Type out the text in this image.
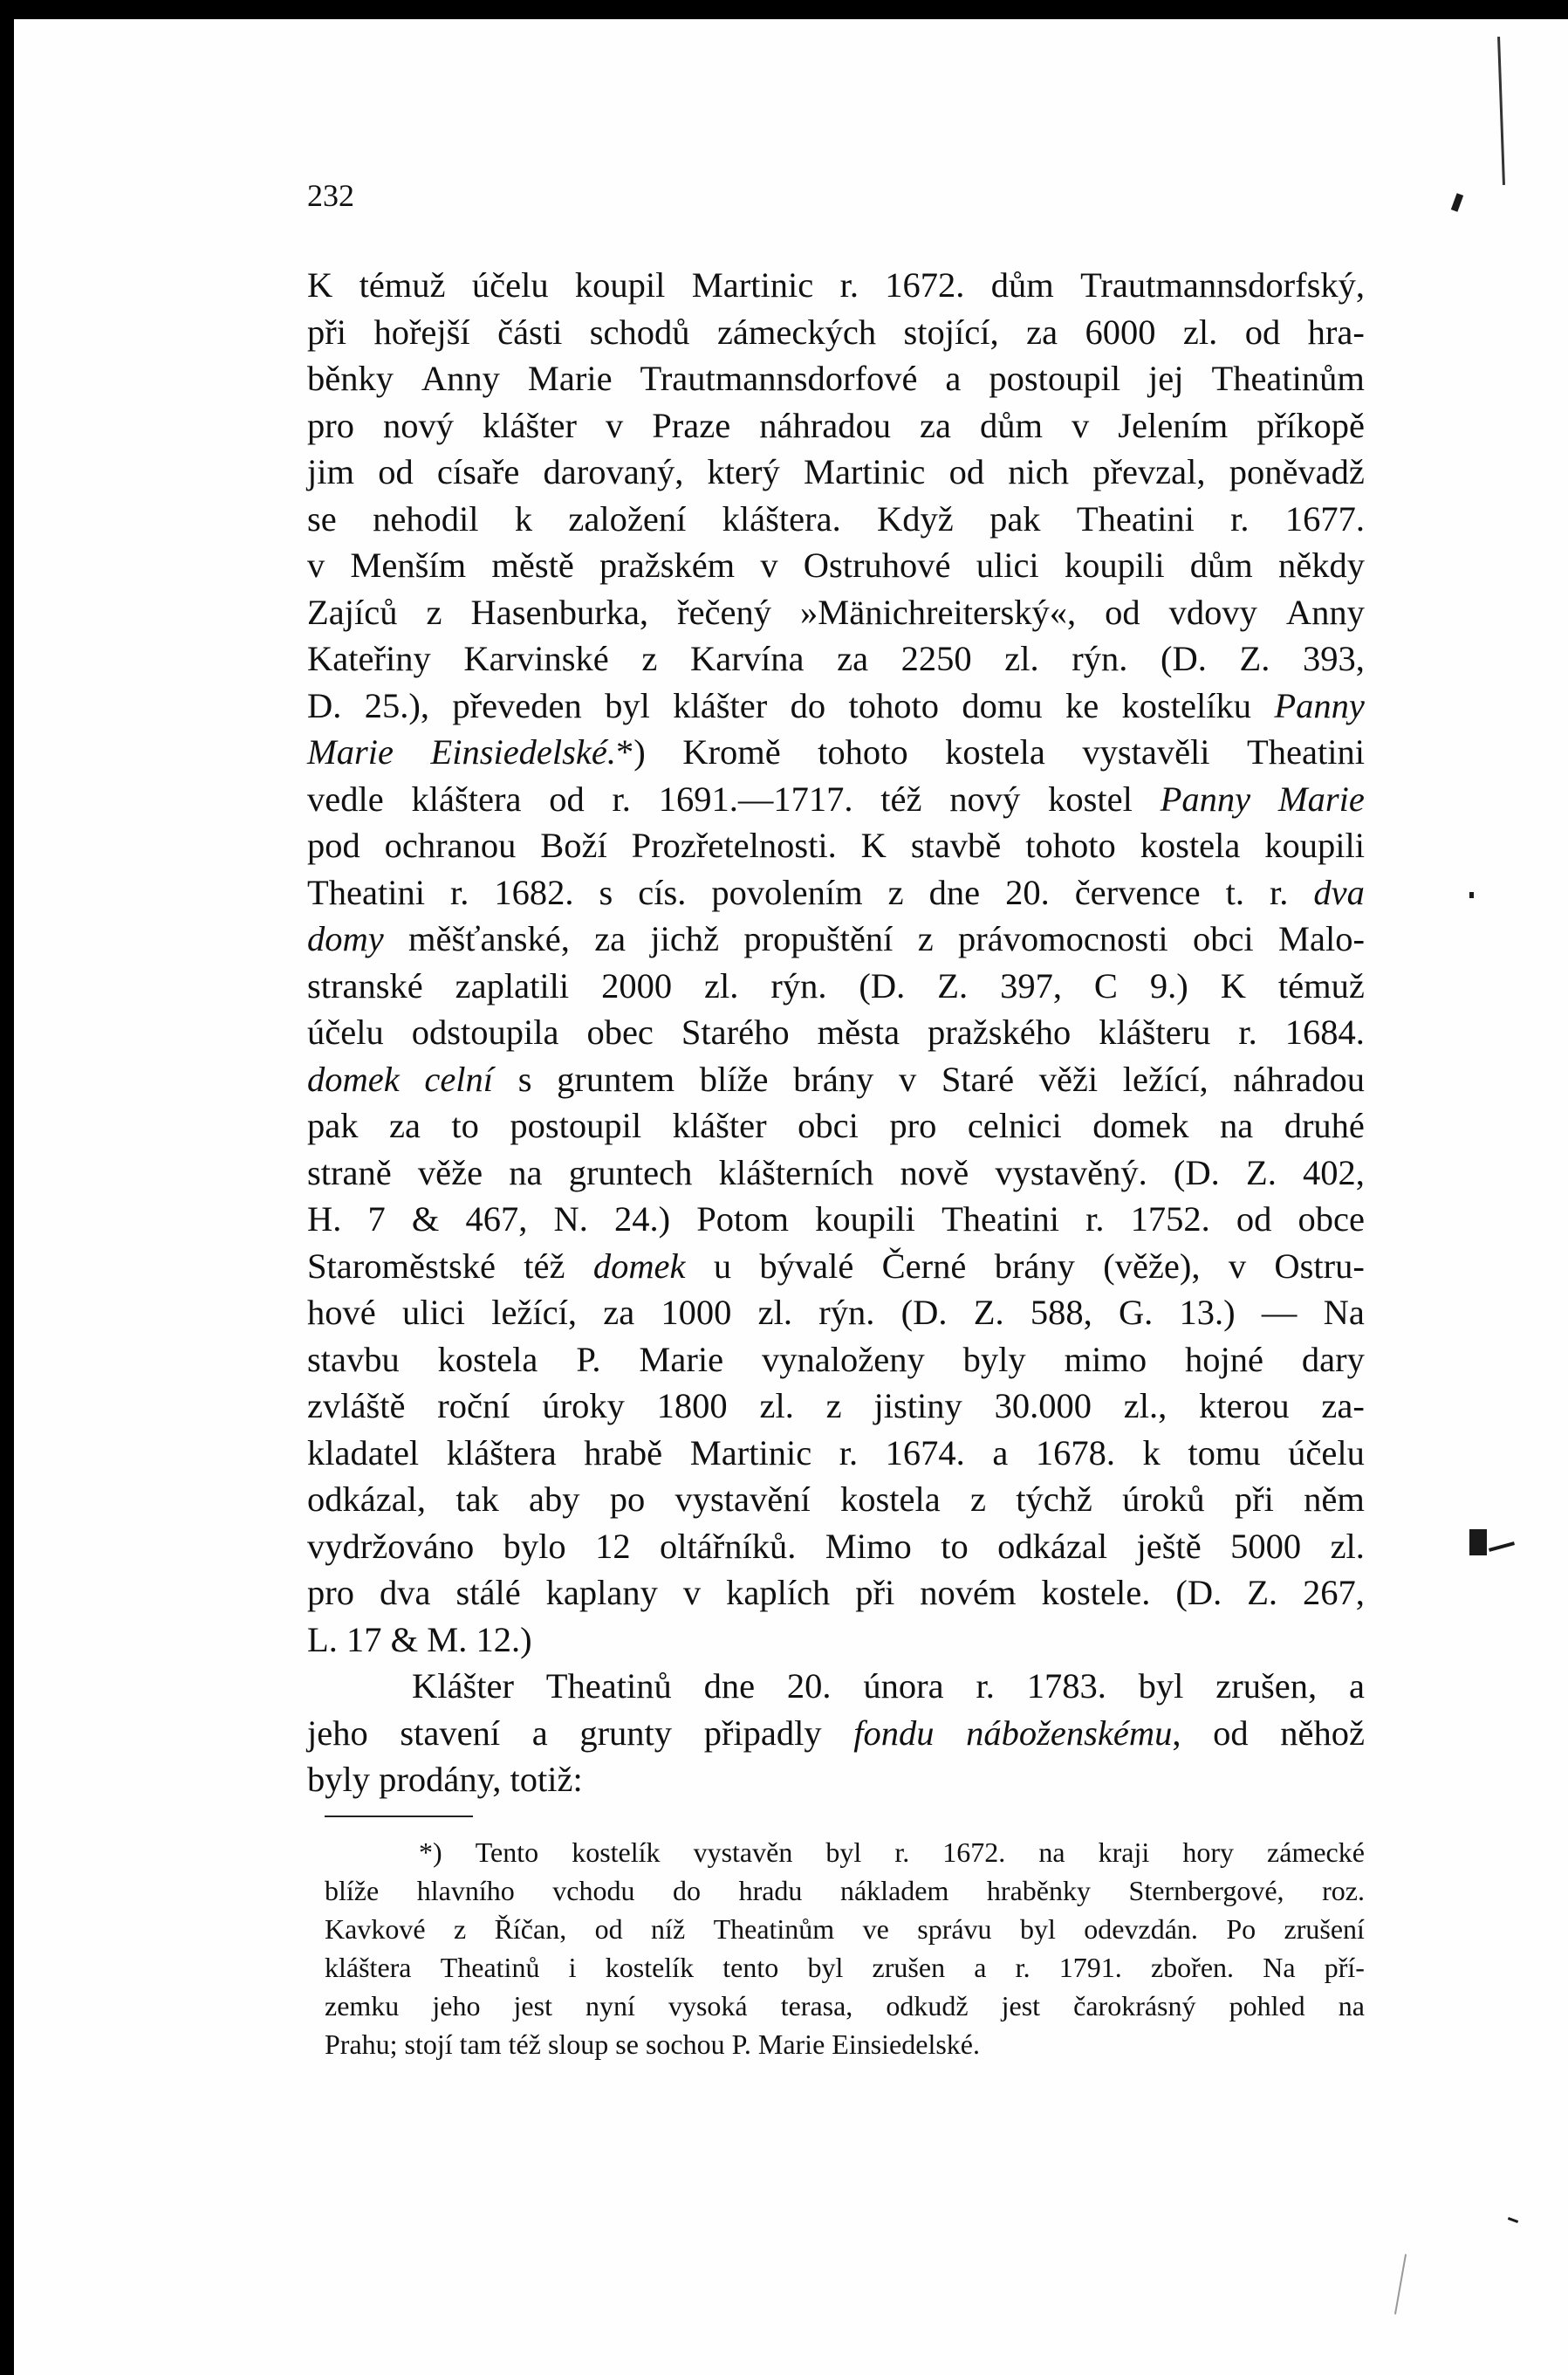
232
K témuž účelu koupil Martinic r. 1672. dům Trautmannsdorfský,
při hořejší části schodů zámeckých stojící, za 6000 zl. od hra-
běnky Anny Marie Trautmannsdorfové a postoupil jej Theatinům
pro nový klášter v Praze náhradou za dům v Jelením příkopě
jim od císaře darovaný, který Martinic od nich převzal, poněvadž
se nehodil k založení kláštera. Když pak Theatini r. 1677.
v Menším městě pražském v Ostruhové ulici koupili dům někdy
Zajíců z Hasenburka, řečený »Mänichreiterský«, od vdovy Anny
Kateřiny Karvinské z Karvína za 2250 zl. rýn. (D. Z. 393,
D. 25.), převeden byl klášter do tohoto domu ke kostelíku Panny
Marie Einsiedelské.*) Kromě tohoto kostela vystavěli Theatini
vedle kláštera od r. 1691.—1717. též nový kostel Panny Marie
pod ochranou Boží Prozřetelnosti. K stavbě tohoto kostela koupili
Theatini r. 1682. s cís. povolením z dne 20. července t. r. dva
domy měšťanské, za jichž propuštění z právomocnosti obci Malo-
stranské zaplatili 2000 zl. rýn. (D. Z. 397, C 9.) K témuž
účelu odstoupila obec Starého města pražského klášteru r. 1684.
domek celní s gruntem blíže brány v Staré věži ležící, náhradou
pak za to postoupil klášter obci pro celnici domek na druhé
straně věže na gruntech klášterních nově vystavěný. (D. Z. 402,
H. 7 & 467, N. 24.) Potom koupili Theatini r. 1752. od obce
Staroměstské též domek u bývalé Černé brány (věže), v Ostru-
hové ulici ležící, za 1000 zl. rýn. (D. Z. 588, G. 13.) — Na
stavbu kostela P. Marie vynaloženy byly mimo hojné dary
zvláště roční úroky 1800 zl. z jistiny 30.000 zl., kterou za-
kladatel kláštera hrabě Martinic r. 1674. a 1678. k tomu účelu
odkázal, tak aby po vystavění kostela z týchž úroků při něm
vydržováno bylo 12 oltářníků. Mimo to odkázal ještě 5000 zl.
pro dva stálé kaplany v kaplích při novém kostele. (D. Z. 267,
L. 17 & M. 12.)
Klášter Theatinů dne 20. února r. 1783. byl zrušen, a
jeho stavení a grunty připadly fondu náboženskému, od něhož
byly prodány, totiž:
*) Tento kostelík vystavěn byl r. 1672. na kraji hory zámecké
blíže hlavního vchodu do hradu nákladem hraběnky Sternbergové, roz.
Kavkové z Říčan, od níž Theatinům ve správu byl odevzdán. Po zrušení
kláštera Theatinů i kostelík tento byl zrušen a r. 1791. zbořen. Na pří-
zemku jeho jest nyní vysoká terasa, odkudž jest čarokrásný pohled na
Prahu; stojí tam též sloup se sochou P. Marie Einsiedelské.
